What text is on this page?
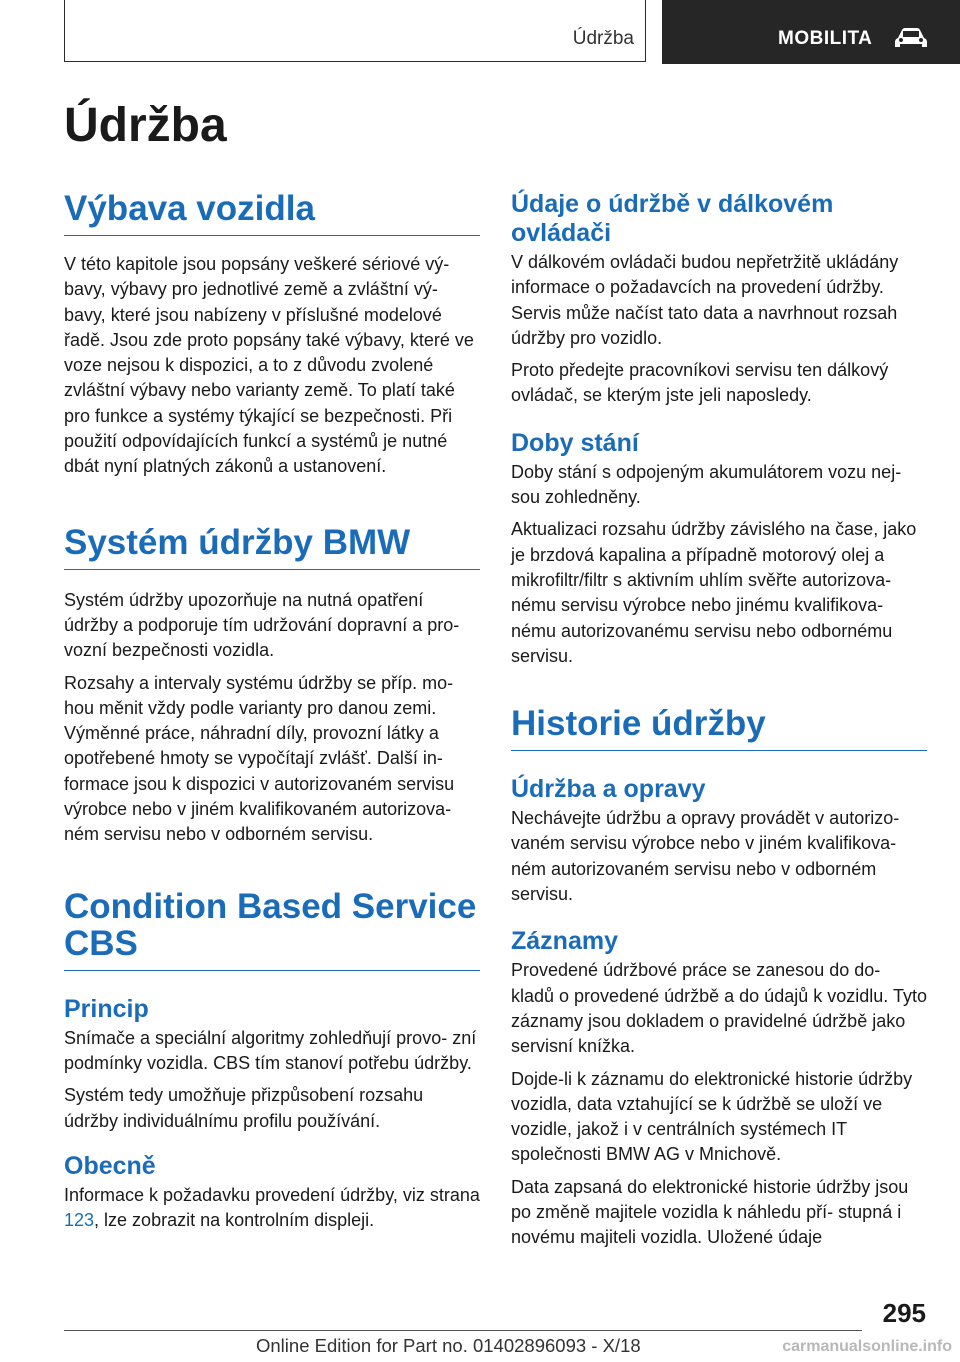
Údržba	MOBILITA
Údržba
Výbava vozidla

V této kapitole jsou popsány veškeré sériové vý- bavy, výbavy pro jednotlivé země a zvláštní vý- bavy, které jsou nabízeny v příslušné modelové řadě. Jsou zde proto popsány také výbavy, které ve voze nejsou k dispozici, a to z důvodu zvolené zvláštní výbavy nebo varianty země. To platí také pro funkce a systémy týkající se bezpečnosti. Při použití odpovídajících funkcí a systémů je nutné dbát nyní platných zákonů a ustanovení.

Systém údržby BMW

Systém údržby upozorňuje na nutná opatření údržby a podporuje tím udržování dopravní a pro- vozní bezpečnosti vozidla.

Rozsahy a intervaly systému údržby se příp. mo- hou měnit vždy podle varianty pro danou zemi. Výměnné práce, náhradní díly, provozní látky a opotřebené hmoty se vypočítají zvlášť. Další in- formace jsou k dispozici v autorizovaném servisu výrobce nebo v jiném kvalifikovaném autorizova- ném servisu nebo v odborném servisu.

Condition Based Service CBS
Princip

Snímače a speciální algoritmy zohledňují provo- zní podmínky vozidla. CBS tím stanoví potřebu údržby.

Systém tedy umožňuje přizpůsobení rozsahu údržby individuálnímu profilu používání.

Obecně

Informace k požadavku provedení údržby, viz strana 123, lze zobrazit na kontrolním displeji.

Údaje o údržbě v dálkovém ovládači

V dálkovém ovládači budou nepřetržitě ukládány informace o požadavcích na provedení údržby. Servis může načíst tato data a navrhnout rozsah údržby pro vozidlo.

Proto předejte pracovníkovi servisu ten dálkový ovládač, se kterým jste jeli naposledy.

Doby stání

Doby stání s odpojeným akumulátorem vozu nej- sou zohledněny.

Aktualizaci rozsahu údržby závislého na čase, jako je brzdová kapalina a případně motorový olej a mikrofiltr/filtr s aktivním uhlím svěřte autorizova- nému servisu výrobce nebo jinému kvalifikova- nému autorizovanému servisu nebo odbornému servisu.

Historie údržby
Údržba a opravy

Nechávejte údržbu a opravy provádět v autorizo- vaném servisu výrobce nebo v jiném kvalifikova- ném autorizovaném servisu nebo v odborném servisu.

Záznamy

Provedené údržbové práce se zanesou do do- kladů o provedené údržbě a do údajů k vozidlu. Tyto záznamy jsou dokladem o pravidelné údržbě jako servisní knížka.

Dojde-li k záznamu do elektronické historie údržby vozidla, data vztahující se k údržbě se uloží ve vozidle, jakož i v centrálních systémech IT společnosti BMW AG v Mnichově.

Data zapsaná do elektronické historie údržby jsou po změně majitele vozidla k náhledu pří- stupná i novému majiteli vozidla. Uložené údaje

295
Online Edition for Part no. 01402896093 - X/18	carmanualsonline.info
